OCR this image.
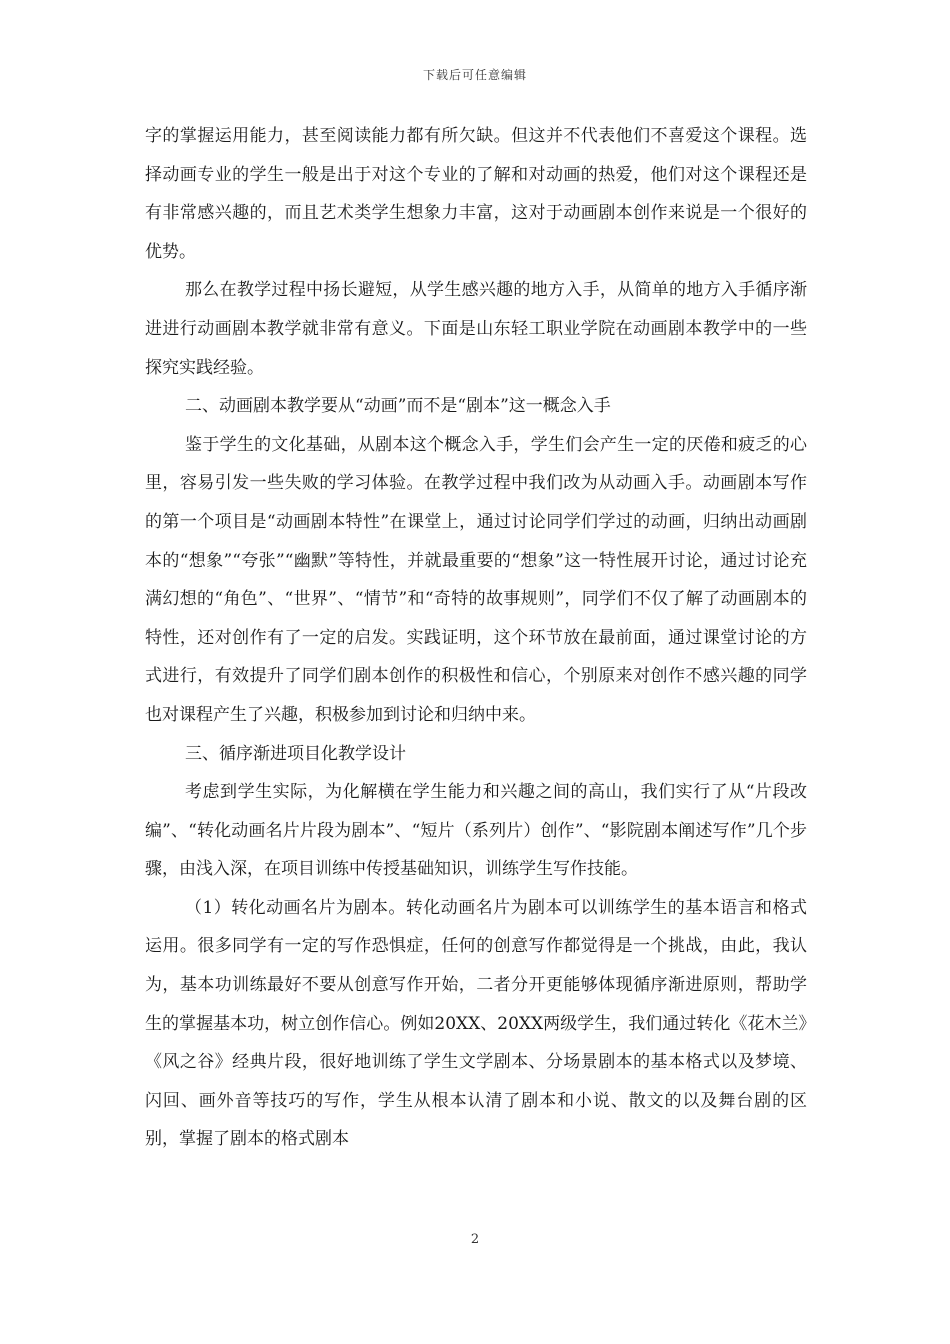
下载后可任意编辑

字的掌握运用能力，甚至阅读能力都有所欠缺。但这并不代表他们不喜爱这个课程。选择动画专业的学生一般是出于对这个专业的了解和对动画的热爱，他们对这个课程还是有非常感兴趣的，而且艺术类学生想象力丰富，这对于动画剧本创作来说是一个很好的优势。

那么在教学过程中扬长避短，从学生感兴趣的地方入手，从简单的地方入手循序渐进进行动画剧本教学就非常有意义。下面是山东轻工职业学院在动画剧本教学中的一些探究实践经验。

二、动画剧本教学要从“动画”而不是“剧本”这一概念入手

鉴于学生的文化基础，从剧本这个概念入手，学生们会产生一定的厌倦和疲乏的心里，容易引发一些失败的学习体验。在教学过程中我们改为从动画入手。动画剧本写作的第一个项目是“动画剧本特性”在课堂上，通过讨论同学们学过的动画，归纳出动画剧本的“想象”“夸张”“幽默”等特性，并就最重要的“想象”这一特性展开讨论，通过讨论充满幻想的“角色”、“世界”、“情节”和“奇特的故事规则”，同学们不仅了解了动画剧本的特性，还对创作有了一定的启发。实践证明，这个环节放在最前面，通过课堂讨论的方式进行，有效提升了同学们剧本创作的积极性和信心，个别原来对创作不感兴趣的同学也对课程产生了兴趣，积极参加到讨论和归纳中来。

三、循序渐进项目化教学设计

考虑到学生实际，为化解横在学生能力和兴趣之间的高山，我们实行了从“片段改编”、“转化动画名片片段为剧本”、“短片（系列片）创作”、“影院剧本阐述写作”几个步骤，由浅入深，在项目训练中传授基础知识，训练学生写作技能。

（1）转化动画名片为剧本。转化动画名片为剧本可以训练学生的基本语言和格式运用。很多同学有一定的写作恐惧症，任何的创意写作都觉得是一个挑战，由此，我认为，基本功训练最好不要从创意写作开始，二者分开更能够体现循序渐进原则，帮助学生的掌握基本功，树立创作信心。例如20XX、20XX两级学生，我们通过转化《花木兰》《风之谷》经典片段，很好地训练了学生文学剧本、分场景剧本的基本格式以及梦境、闪回、画外音等技巧的写作，学生从根本认清了剧本和小说、散文的以及舞台剧的区别，掌握了剧本的格式剧本

2
